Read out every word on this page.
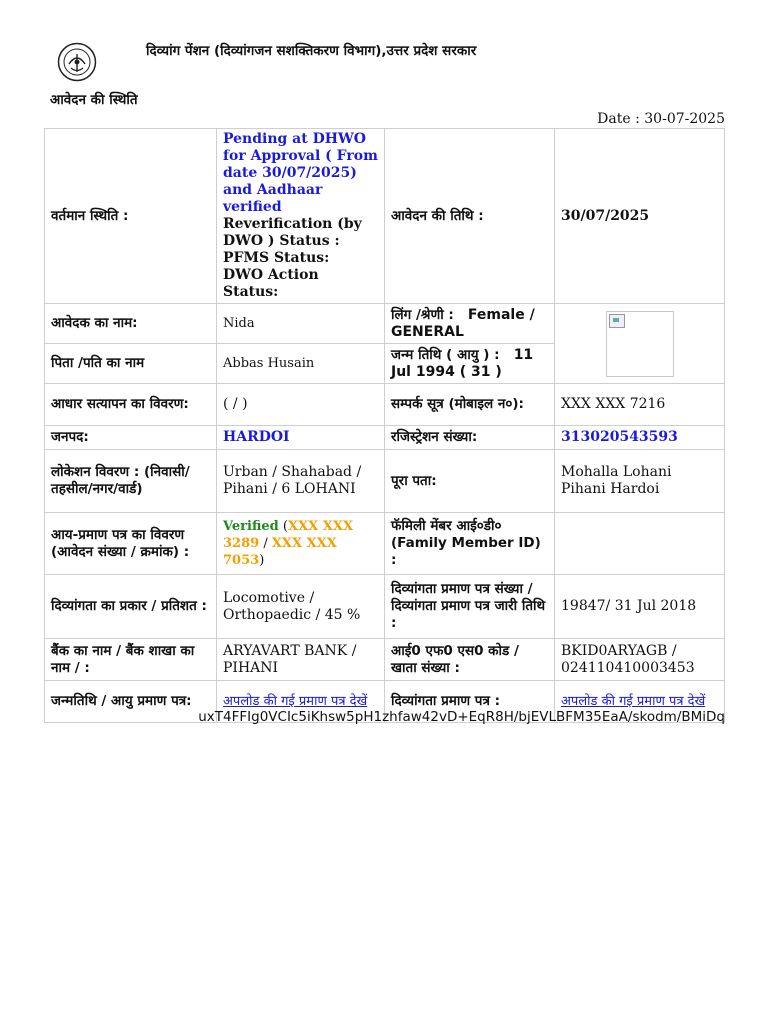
दिव्यांग पेंशन (दिव्यांगजन सशक्तिकरण विभाग),उत्तर प्रदेश सरकार
आवेदन की स्थिति
Date : 30-07-2025
वर्तमान स्थिति :	Pending at DHWO for Approval ( From date 30/07/2025) and Aadhaar verified
Reverification (by DWO ) Status :
PFMS Status:
DWO Action Status:	आवेदन की तिथि :	30/07/2025
आवेदक का नाम:	Nida	लिंग /श्रेणी : Female / GENERAL	

पिता /पति का नाम	Abbas Husain	जन्म तिथि ( आयु ) : 11 Jul 1994 ( 31 )	
आधार सत्यापन का विवरण:	( / )	सम्पर्क सूत्र (मोबाइल न०):	XXX XXX 7216
जनपद:	HARDOI	रजिस्ट्रेशन संख्या:	313020543593
लोकेशन विवरण : (निवासी/तहसील/नगर/वार्ड)	Urban / Shahabad / Pihani / 6 LOHANI	पूरा पता:	Mohalla Lohani Pihani Hardoi
आय-प्रमाण पत्र का विवरण (आवेदन संख्या / क्रमांक) :	Verified (XXX XXX 3289 / XXX XXX 7053)	फॅमिली मेंबर आई०डी० (Family Member ID) :	
दिव्यांगता का प्रकार / प्रतिशत :	Locomotive / Orthopaedic / 45 %	दिव्यांगता प्रमाण पत्र संख्या / दिव्यांगता प्रमाण पत्र जारी तिथि :	19847/ 31 Jul 2018
बैंक का नाम / बैंक शाखा का नाम / :	ARYAVART BANK / PIHANI	आई0 एफ0 एस0 कोड / खाता संख्या :	BKID0ARYAGB / 024110410003453
जन्मतिथि / आयु प्रमाण पत्र:	अपलोड की गई प्रमाण पत्र देखें	दिव्यांगता प्रमाण पत्र :	अपलोड की गई प्रमाण पत्र देखें
uxT4FFIg0VCIc5iKhsw5pH1zhfaw42vD+EqR8H/bjEVLBFM35EaA/skodm/BMiDq
